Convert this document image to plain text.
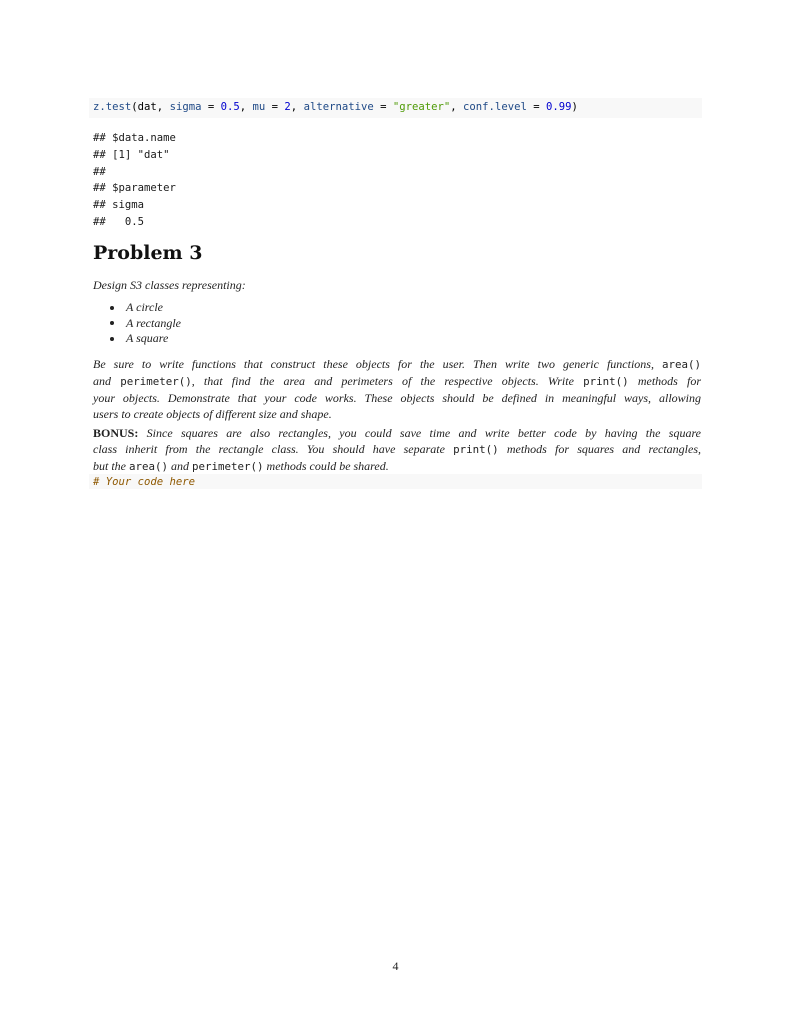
z.test(dat, sigma = 0.5, mu = 2, alternative = "greater", conf.level = 0.99)
## $data.name
## [1] "dat"
##
## $parameter
## sigma
##   0.5
Problem 3
Design S3 classes representing:
A circle
A rectangle
A square
Be sure to write functions that construct these objects for the user. Then write two generic functions, area()
and perimeter(), that find the area and perimeters of the respective objects. Write print() methods for
your objects. Demonstrate that your code works. These objects should be defined in meaningful ways, allowing
users to create objects of different size and shape.
BONUS: Since squares are also rectangles, you could save time and write better code by having the square
class inherit from the rectangle class. You should have separate print() methods for squares and rectangles,
but the area() and perimeter() methods could be shared.
# Your code here
4
